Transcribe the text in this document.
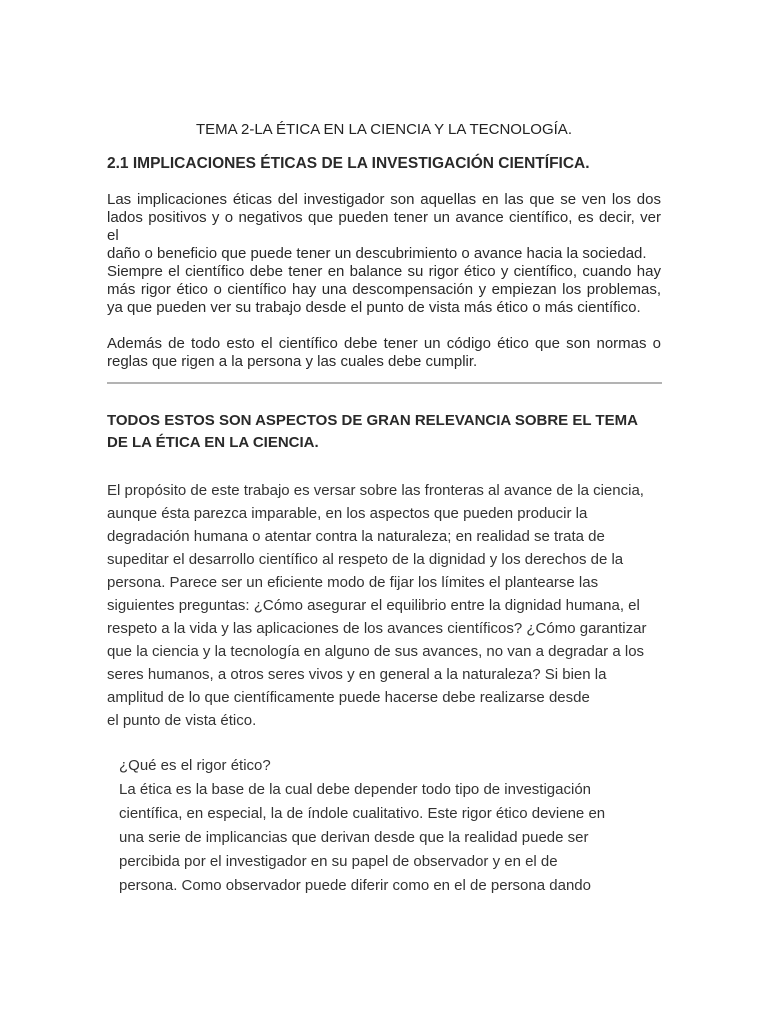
TEMA 2-LA ÉTICA EN LA CIENCIA Y LA TECNOLOGÍA.
2.1 IMPLICACIONES ÉTICAS DE LA INVESTIGACIÓN CIENTÍFICA.
Las implicaciones éticas del investigador son aquellas en las que se ven los dos
lados positivos y o negativos que pueden tener un avance científico, es decir, ver el
daño o beneficio que puede tener un descubrimiento o avance hacia la sociedad.
Siempre el científico debe tener en balance su rigor ético y científico, cuando hay
más rigor ético o científico hay una descompensación y empiezan los problemas,
ya que pueden ver su trabajo desde el punto de vista más ético o más científico.
Además de todo esto el científico debe tener un código ético que son normas o
reglas que rigen a la persona y las cuales debe cumplir.
TODOS ESTOS SON ASPECTOS DE GRAN RELEVANCIA SOBRE EL TEMA
DE LA ÉTICA EN LA CIENCIA.
El propósito de este trabajo es versar sobre las fronteras al avance de la ciencia,
aunque ésta parezca imparable, en los aspectos que pueden producir la
degradación humana o atentar contra la naturaleza; en realidad se trata de
supeditar el desarrollo científico al respeto de la dignidad y los derechos de la
persona. Parece ser un eficiente modo de fijar los límites el plantearse las
siguientes preguntas: ¿Cómo asegurar el equilibrio entre la dignidad humana, el
respeto a la vida y las aplicaciones de los avances científicos? ¿Cómo garantizar
que la ciencia y la tecnología en alguno de sus avances, no van a degradar a los
seres humanos, a otros seres vivos y en general a la naturaleza? Si bien la
amplitud de lo que científicamente puede hacerse debe realizarse desde
el punto de vista ético.
¿Qué es el rigor ético?
La ética es la base de la cual debe depender todo tipo de investigación
científica, en especial, la de índole cualitativo. Este rigor ético deviene en
una serie de implicancias que derivan desde que la realidad puede ser
percibida por el investigador en su papel de observador y en el de
persona. Como observador puede diferir como en el de persona dando
